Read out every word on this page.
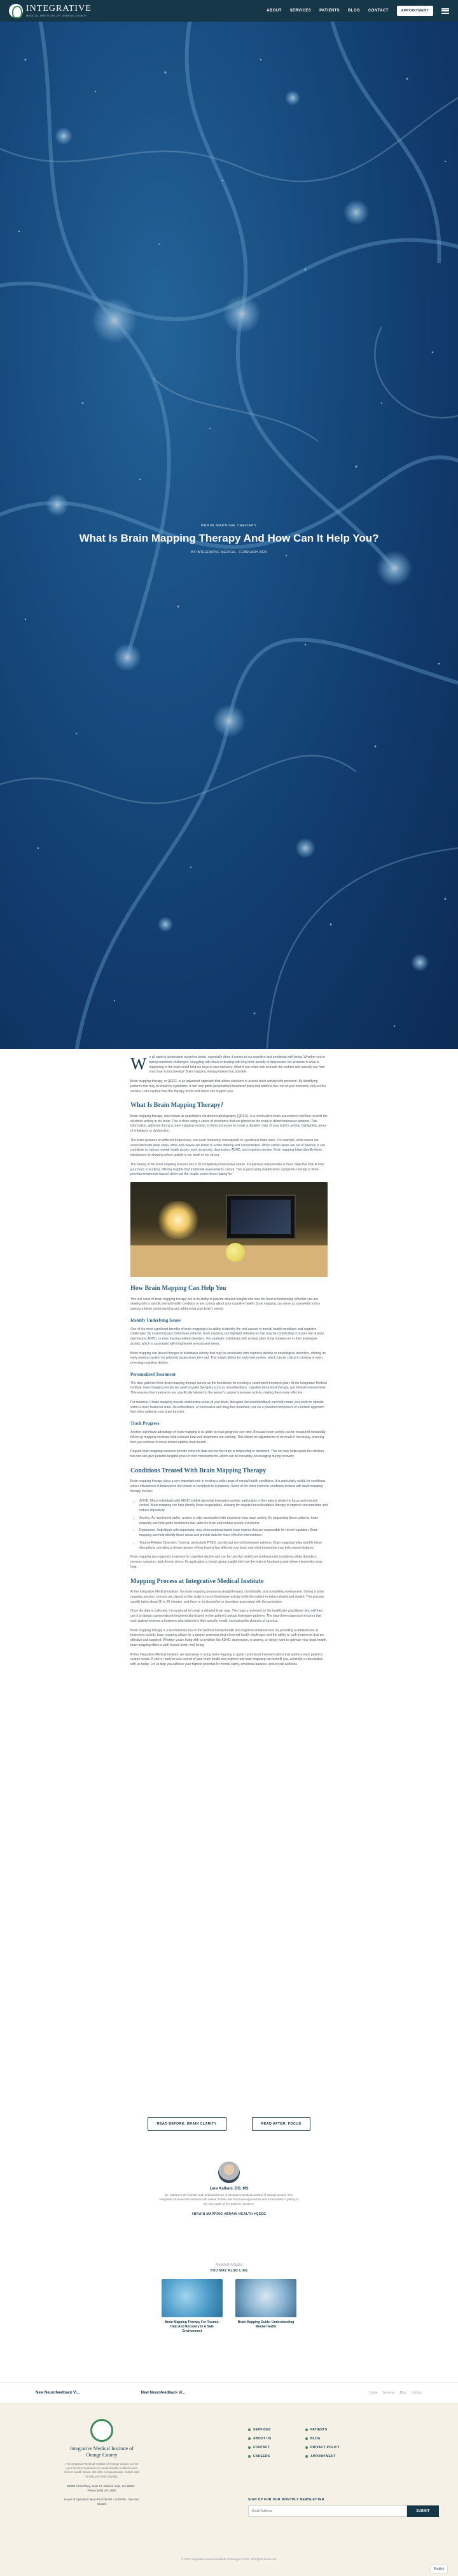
INTEGRATIVE
MEDICAL INSTITUTE OF ORANGE COUNTY
ABOUT SERVICES PATIENTS BLOG CONTACT	APPOINTMENT
BRAIN MAPPING THERAPY
What Is Brain Mapping Therapy And How Can It Help You?
BY INTEGRATIVE MEDICAL · FEBRUARY 2024

We all want to understand ourselves better, especially when it comes to our cognitive and emotional well-being. Whether you're facing emotional challenges, struggling with focus or dealing with long-term anxiety or depression, the answers to what is happening in the brain could hold the keys to your recovery. What if you could look beneath the surface and actually see how your brain is functioning? Brain mapping therapy makes that possible.

Brain mapping therapy, or QEEG, is an advanced approach that allows clinicians to assess brain activity with precision. By identifying patterns that may be linked to symptoms, it can help guide personalized treatment plans that address the root of your concerns, not just the surface. Let's explore how this therapy works and how it can support you.

What Is Brain Mapping Therapy?

Brain mapping therapy, also known as quantitative electroencephalography (QEEG), is a noninvasive brain assessment tool that records the electrical activity in the brain. This is done using a series of electrodes that are placed on the scalp to detect brainwave patterns. This information, gathered during a brain mapping session, is then processed to create a detailed 'map' of your brain's activity, highlighting areas of imbalance or dysfunction.

The brain operates on different frequencies, and each frequency corresponds to a particular brain state. For example, delta waves are associated with deep sleep, while beta waves are linked to active thinking and concentration. When certain areas are out of balance, it can contribute to various mental health issues, such as anxiety, depression, ADHD, and cognitive decline. Brain mapping helps identify these imbalances by showing where activity is too weak or too strong.

The beauty of the brain mapping process lies in its completely noninvasive nature. It's painless and provides a clear, objective look at how your brain is working, offering insights that traditional assessments cannot. This is particularly helpful when symptoms overlap or when previous treatments haven't delivered the results you've been hoping for.

How Brain Mapping Can Help You

The real value of brain mapping therapy lies in its ability to provide detailed insights into how the brain is functioning. Whether you are dealing with a specific mental health condition or are curious about your cognitive health, brain mapping can serve as a powerful tool in gaining a better understanding and addressing your brain's needs.

Identify Underlying Issues

One of the most significant benefits of brain mapping is its ability to identify the root causes of mental health conditions and cognitive challenges. By examining your brainwave patterns, brain mapping can highlight imbalances that may be contributing to issues like anxiety, depression, ADHD, or even trauma-related disorders. For example, individuals with anxiety often show imbalances in their brainwave activity, which is associated with heightened arousal and stress.

Brain mapping can detect changes in brainwave activity that may be associated with cognitive decline or neurological disorders, offering an early warning system for potential issues down the road. This insight allows for early intervention, which can be critical in slowing or even reversing cognitive decline.

Personalized Treatment

The data gathered from brain mapping therapy serves as the foundation for creating a customized treatment plan. At the Integrative Medical Institute, brain mapping results are used to guide therapies such as neurofeedback, cognitive behavioral therapy, and lifestyle interventions. This ensures that treatments are specifically tailored to the person's unique brainwave activity, making them more effective.

For instance, if brain mapping reveals underactive areas of your brain, therapies like neurofeedback can help retrain your brain to operate within a more balanced state. Neurofeedback, a noninvasive and drug-free treatment, can be a powerful component of a holistic approach that helps optimize your brain function.

Track Progress

Another significant advantage of brain mapping is its ability to track progress over time. Because brain activity can be measured repeatedly, follow-up mapping sessions help evaluate how well treatments are working. This allows for adjustments to be made if necessary, ensuring that you continue to move toward optimal brain health.

Regular brain mapping sessions provide concrete data on how the brain is responding to treatment. This not only helps guide the clinician but can also give patients tangible proof of their improvements, which can be incredibly encouraging during recovery.

Conditions Treated With Brain Mapping Therapy

Brain mapping therapy plays a very important role in treating a wide range of mental health conditions. It is particularly useful for conditions where imbalances in brainwaves are known to contribute to symptoms. Some of the most common conditions treated with brain mapping therapy include:

• ADHD: Many individuals with ADHD exhibit abnormal brainwave activity, particularly in the regions related to focus and impulse control. Brain mapping can help identify these irregularities, allowing for targeted neurofeedback therapy to improve concentration and reduce impulsivity.
• Anxiety: As mentioned earlier, anxiety is often associated with excessive beta wave activity. By pinpointing these patterns, brain mapping can help guide treatments that calm the brain and reduce anxiety symptoms.
• Depression: Individuals with depression may show underactivated brain regions that are responsible for mood regulation. Brain mapping can help identify these areas and provide data for more effective interventions.
• Trauma-Related Disorders: Trauma, particularly PTSD, can disrupt normal brainwave patterns. Brain mapping helps identify these disruptions, providing a clearer picture of how trauma has affected your brain and what treatments may help restore balance.

Brain mapping also supports treatment for cognitive decline and can be used by healthcare professionals to address sleep disorders, memory concerns, and chronic stress. Its application is broad, giving insight into how the brain is functioning and where intervention may help.

Mapping Process at Integrative Medical Institute

At the Integrative Medical Institute, the brain mapping process is straightforward, comfortable, and completely noninvasive. During a brain mapping session, sensors are placed on the scalp to record brainwave activity while the patient remains relaxed and seated. This process usually takes about 30 to 60 minutes, and there is no discomfort or downtime associated with the procedure.

Once the data is collected, it is analyzed to create a detailed brain map. This map is reviewed by the healthcare practitioner who will then use it to design a personalized treatment plan based on the patient's unique brainwave patterns. The data-driven approach ensures that each patient receives a treatment plan tailored to their specific needs, increasing the chances of success.

Brain mapping therapy is a revolutionary tool in the world of mental health and cognitive enhancement. By providing a detailed look at brainwave activity, brain mapping allows for a deeper understanding of mental health challenges and the ability to craft treatments that are effective and targeted. Whether you're living with a condition like ADHD, depression, or anxiety, or simply want to optimize your brain health, brain mapping offers a path toward better well-being.

At the Integrative Medical Institute, we specialize in using brain mapping to guide customized treatment plans that address each patient's unique needs. If you're ready to take control of your brain health and explore how brain mapping can benefit you, schedule a consultation with us today. Let us help you achieve your highest potential for mental clarity, emotional balance, and overall wellness.

READ BEFORE: BRAIN CLARITY	READ AFTER: FOCUS
Lara Kalbani, DO, MS
Dr. Kalbani is the founder and medical director of Integrative Medical Institute of Orange County. She integrates conventional medicine with natural, holistic and functional approaches and is dedicated to getting to the root cause of her patients' concerns.
#BRAIN MAPPING #BRAIN HEALTH #QEEG
Related Articles
YOU MAY ALSO LIKE
Brain Mapping Therapy For Trauma: Help And Recovery In A Safe Environment
Brain Mapping Guide: Understanding Mental Health
New Neurofeedback Vi...	New Neurofeedback Vi...	Home Services Blog Contact
Integrative Medical Institute of Orange County
The Integrative Medical Institute of Orange County can be your first-line treatment for mental health conditions and chronic health issues. We offer compassionate, holistic care to help you heal naturally.
24000 Alicia Pkwy, Suite 17, Mission Viejo, CA 92691 · Phone (949) 371-4882
Hours of Operation: Mon–Fri 9:00 AM – 5:00 PM · Sat–Sun Closed
SERVICES	PATIENTS
ABOUT US	BLOG
CONTACT	PRIVACY POLICY
CAREERS	APPOINTMENT
SIGN UP FOR OUR MONTHLY NEWSLETTER
Email Address
SUBMIT
© 2024 Integrative Medical Institute of Orange County. All Rights Reserved.
English
